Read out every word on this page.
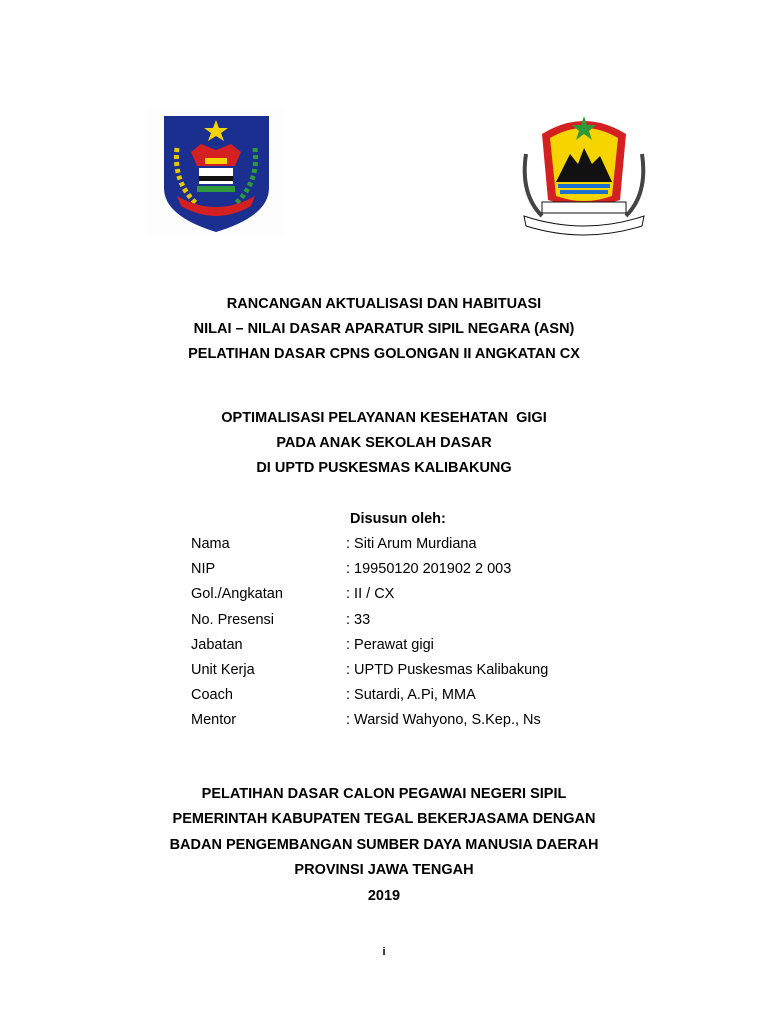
RANCANGAN AKTUALISASI DAN HABITUASI
NILAI – NILAI DASAR APARATUR SIPIL NEGARA (ASN)
PELATIHAN DASAR CPNS GOLONGAN II ANGKATAN CX
OPTIMALISASI PELAYANAN KESEHATAN  GIGI
PADA ANAK SEKOLAH DASAR
DI UPTD PUSKESMAS KALIBAKUNG
Disusun oleh:
Nama	: Siti Arum Murdiana
NIP	: 19950120 201902 2 003
Gol./Angkatan	: II / CX
No. Presensi	: 33
Jabatan	: Perawat gigi
Unit Kerja	: UPTD Puskesmas Kalibakung
Coach	: Sutardi, A.Pi, MMA
Mentor	: Warsid Wahyono, S.Kep., Ns
PELATIHAN DASAR CALON PEGAWAI NEGERI SIPIL
PEMERINTAH KABUPATEN TEGAL BEKERJASAMA DENGAN
BADAN PENGEMBANGAN SUMBER DAYA MANUSIA DAERAH
PROVINSI JAWA TENGAH
2019
i
